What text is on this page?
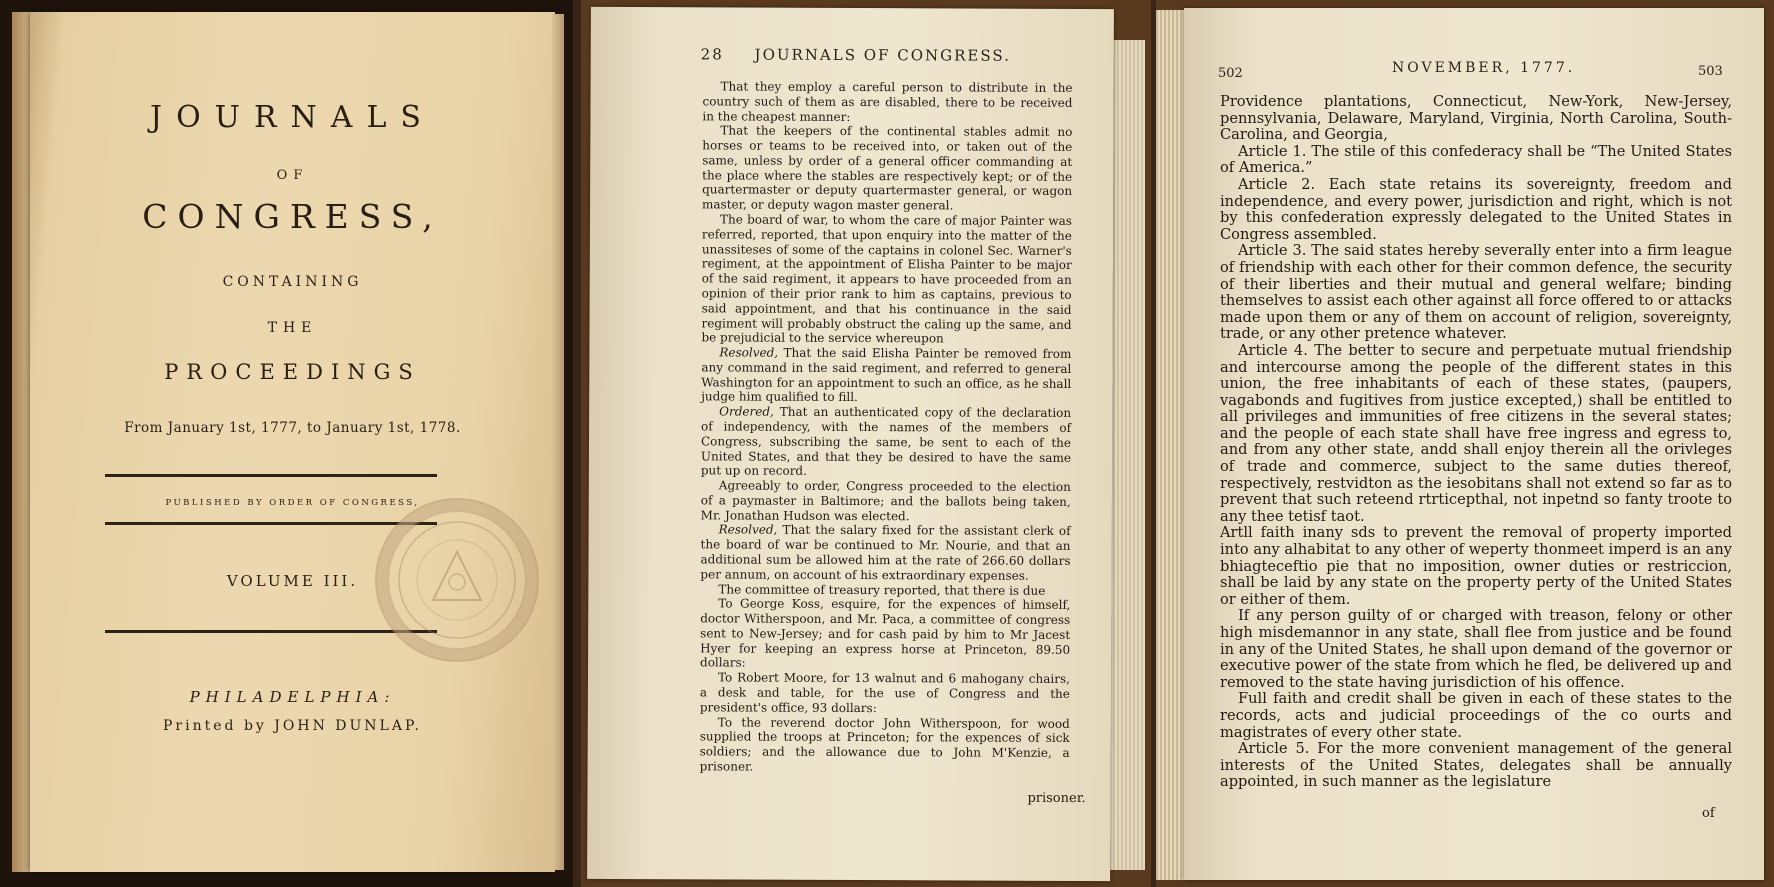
JOURNALS
OF
CONGRESS,
CONTAINING
THE
PROCEEDINGS
From January 1st, 1777, to January 1st, 1778.
PUBLISHED BY ORDER OF CONGRESS,
VOLUME III.
PHILADELPHIA:
Printed by JOHN DUNLAP.
28 JOURNALS OF CONGRESS.

That they employ a careful person to distribute in the country such of them as are disabled, there to be received in the cheapest manner:

That the keepers of the continental stables admit no horses or teams to be received into, or taken out of the same, unless by order of a general officer commanding at the place where the stables are respectively kept; or of the quartermaster or deputy quartermaster general, or wagon master, or deputy wagon master general.

The board of war, to whom the care of major Painter was referred, reported, that upon enquiry into the matter of the unassiteses of some of the captains in colonel Sec. Warner's regiment, at the appointment of Elisha Painter to be major of the said regiment, it appears to have proceeded from an opinion of their prior rank to him as captains, previous to said appointment, and that his continuance in the said regiment will probably obstruct the caling up the same, and be prejudicial to the service whereupon

Resolved, That the said Elisha Painter be removed from any command in the said regiment, and referred to general Washington for an appointment to such an office, as he shall judge him qualified to fill.

Ordered, That an authenticated copy of the declaration of independency, with the names of the members of Congress, subscribing the same, be sent to each of the United States, and that they be desired to have the same put up on record.

Agreeably to order, Congress proceeded to the election of a paymaster in Baltimore; and the ballots being taken, Mr. Jonathan Hudson was elected.

Resolved, That the salary fixed for the assistant clerk of the board of war be continued to Mr. Nourie, and that an additional sum be allowed him at the rate of 266.60 dollars per annum, on account of his extraordinary expenses.

The committee of treasury reported, that there is due

To George Koss, esquire, for the expences of himself, doctor Witherspoon, and Mr. Paca, a committee of congress sent to New-Jersey; and for cash paid by him to Mr Jacest Hyer for keeping an express horse at Princeton, 89.50 dollars:

To Robert Moore, for 13 walnut and 6 mahogany chairs, a desk and table, for the use of Congress and the president's office, 93 dollars:

To the reverend doctor John Witherspoon, for wood supplied the troops at Princeton; for the expences of sick soldiers; and the allowance due to John M'Kenzie, a prisoner.

prisoner.
502	NOVEMBER, 1777.	503

Providence plantations, Connecticut, New-York, New-Jersey, pennsylvania, Delaware, Maryland, Virginia, North Carolina, South-Carolina, and Georgia,

Article 1. The stile of this confederacy shall be “The United States of America.”

Article 2. Each state retains its sovereignty, freedom and independence, and every power, jurisdiction and right, which is not by this confederation expressly delegated to the United States in Congress assembled.

Article 3. The said states hereby severally enter into a firm league of friendship with each other for their common defence, the security of their liberties and their mutual and general welfare; binding themselves to assist each other against all force offered to or attacks made upon them or any of them on account of religion, sovereignty, trade, or any other pretence whatever.

Article 4. The better to secure and perpetuate mutual friendship and intercourse among the people of the different states in this union, the free inhabitants of each of these states, (paupers, vagabonds and fugitives from justice excepted,) shall be entitled to all privileges and immunities of free citizens in the several states; and the people of each state shall have free ingress and egress to, and from any other state, andd shall enjoy therein all the orivleges of trade and commerce, subject to the same duties thereof, respectively, restvidton as the iesobitans shall not extend so far as to prevent that such reteend rtrticepthal, not inpetnd so fanty troote to any thee tetisf taot.

Artll faith inany sds to prevent the removal of property imported into any alhabitat to any other of weperty thonmeet imperd is an any bhiagteceftio pie that no imposition, owner duties or restriccion, shall be laid by any state on the property perty of the United States or either of them.

If any person guilty of or charged with treason, felony or other high misdemannor in any state, shall flee from justice and be found in any of the United States, he shall upon demand of the governor or executive power of the state from which he fled, be delivered up and removed to the state having jurisdiction of his offence.

Full faith and credit shall be given in each of these states to the records, acts and judicial proceedings of the co ourts and magistrates of every other state.

Article 5. For the more convenient management of the general interests of the United States, delegates shall be annually appointed, in such manner as the legislature

of
